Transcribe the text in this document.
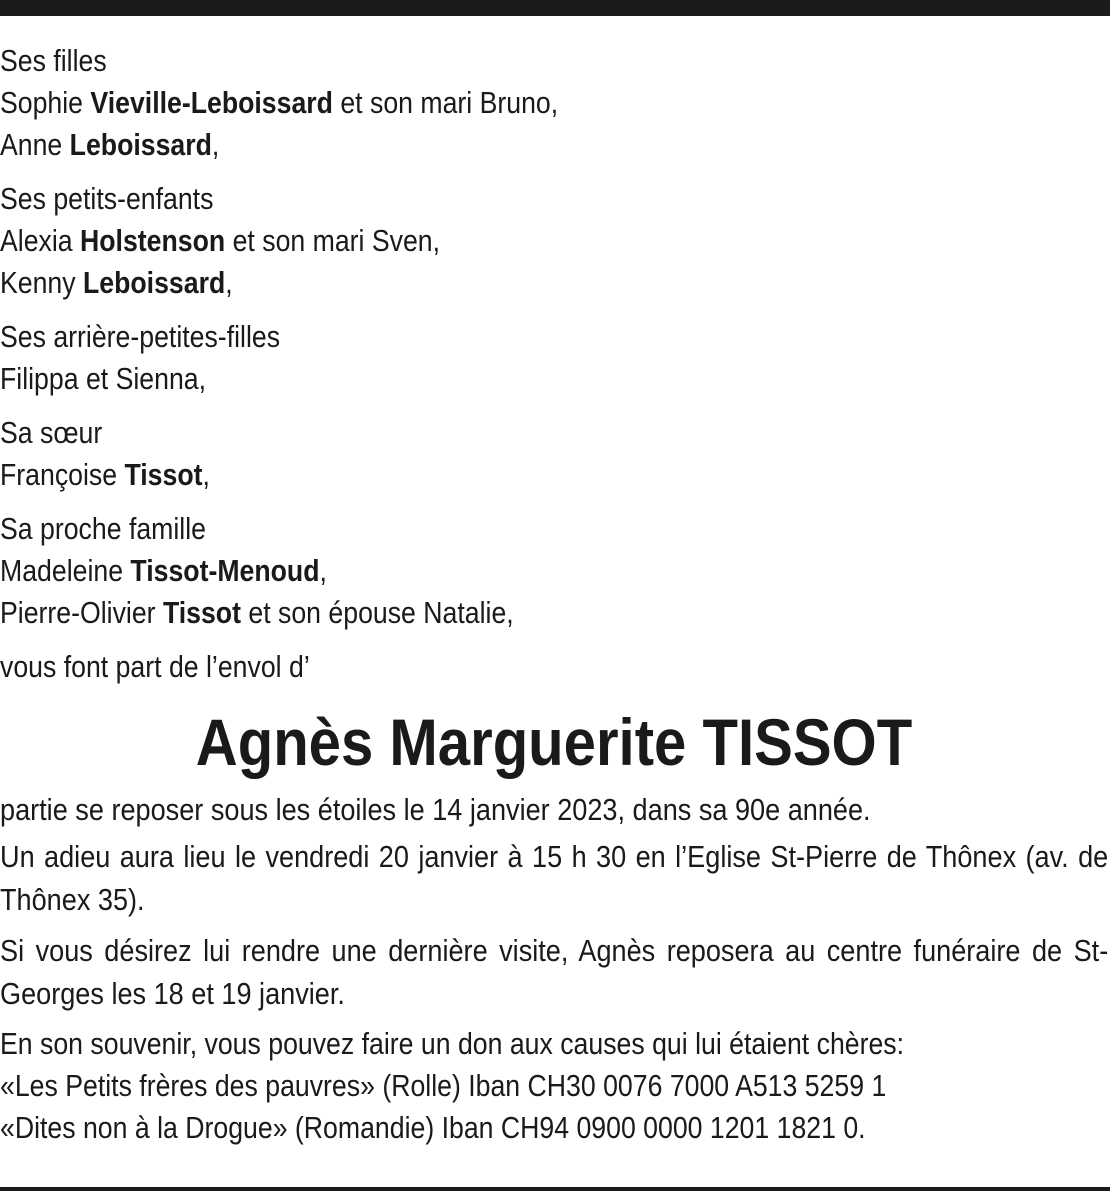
Ses filles
Sophie Vieville-Leboissard et son mari Bruno,
Anne Leboissard,
Ses petits-enfants
Alexia Holstenson et son mari Sven,
Kenny Leboissard,
Ses arrière-petites-filles
Filippa et Sienna,
Sa sœur
Françoise Tissot,
Sa proche famille
Madeleine Tissot-Menoud,
Pierre-Olivier Tissot et son épouse Natalie,
vous font part de l’envol d’
Agnès Marguerite TISSOT
partie se reposer sous les étoiles le 14 janvier 2023, dans sa 90e année.
Un adieu aura lieu le vendredi 20 janvier à 15 h 30 en l’Eglise St-Pierre de Thônex (av. de Thônex 35).
Si vous désirez lui rendre une dernière visite, Agnès reposera au centre funéraire de St-Georges les 18 et 19 janvier.
En son souvenir, vous pouvez faire un don aux causes qui lui étaient chères:
«Les Petits frères des pauvres» (Rolle) Iban CH30 0076 7000 A513 5259 1
«Dites non à la Drogue» (Romandie) Iban CH94 0900 0000 1201 1821 0.
